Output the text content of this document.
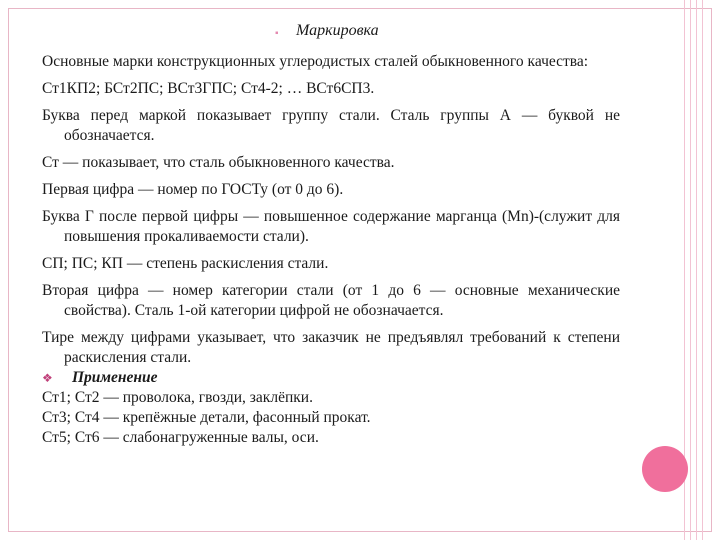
▪ Маркировка

Основные марки конструкционных углеродистых сталей обыкновенного качества:

Ст1КП2; БСт2ПС; ВСт3ГПС; Ст4-2; … ВСт6СП3.

Буква перед маркой показывает группу стали. Сталь группы А — буквой не обозначается.

Ст — показывает, что сталь обыкновенного качества.

Первая цифра — номер по ГОСТу (от 0 до 6).

Буква Г после первой цифры — повышенное содержание марганца (Mn)-(служит для повышения прокаливаемости стали).

СП; ПС; КП — степень раскисления стали.

Вторая цифра — номер категории стали (от 1 до 6 — основные механические свойства). Сталь 1-ой категории цифрой не обозначается.

Тире между цифрами указывает, что заказчик не предъявлял требований к степени раскисления стали.

❖	Применение

Ст1; Ст2 — проволока, гвозди, заклёпки.

Ст3; Ст4 — крепёжные детали, фасонный прокат.

Ст5; Ст6 — слабонагруженные валы, оси.
